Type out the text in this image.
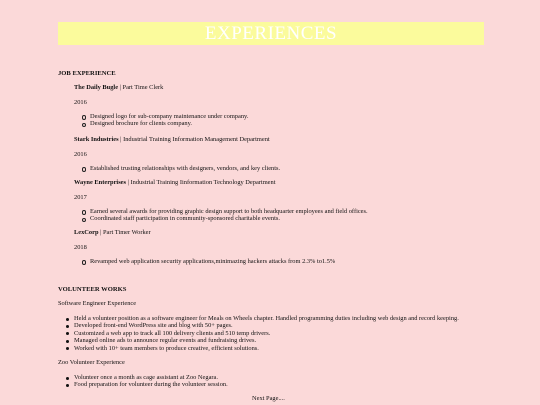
EXPERIENCES
JOB EXPERIENCE
The Daily Bugle | Part Time Clerk
2016
Designed logo for sub-company maintenance under company.
Designed brochure for clients company.
Stark Industries | Industrial Training Information Management Department
2016
Established trusting relationships with designers, vendors, and key clients.
Wayne Enterprises | Industrial Training Iinformation Technology Department
2017
Earned several awards for providing graphic design support to both headquarter employees and field offices.
Coordinated staff participation in community-sponsored charitable events.
LexCorp | Part Timer Worker
2018
Revamped web application security applications,minimazing hackers attacks from 2.3% to1.5%
VOLUNTEER WORKS
Software Engineer Experience
Held a volunteer position as a software engineer for Meals on Wheels chapter. Handled programming duties including web design and record keeping.
Developed front-end WordPress site and blog with 50+ pages.
Customized a web app to track all 100 delivery clients and 510 temp drivers.
Managed online ads to announce regular events and fundraising drives.
Worked with 10+ team members to produce creative, efficient solutions.
Zoo Volunteer Experience
Volunteer once a month as cage assistant at Zoo Negara.
Food preparation for volunteer during the volunteer session.
Next Page....
